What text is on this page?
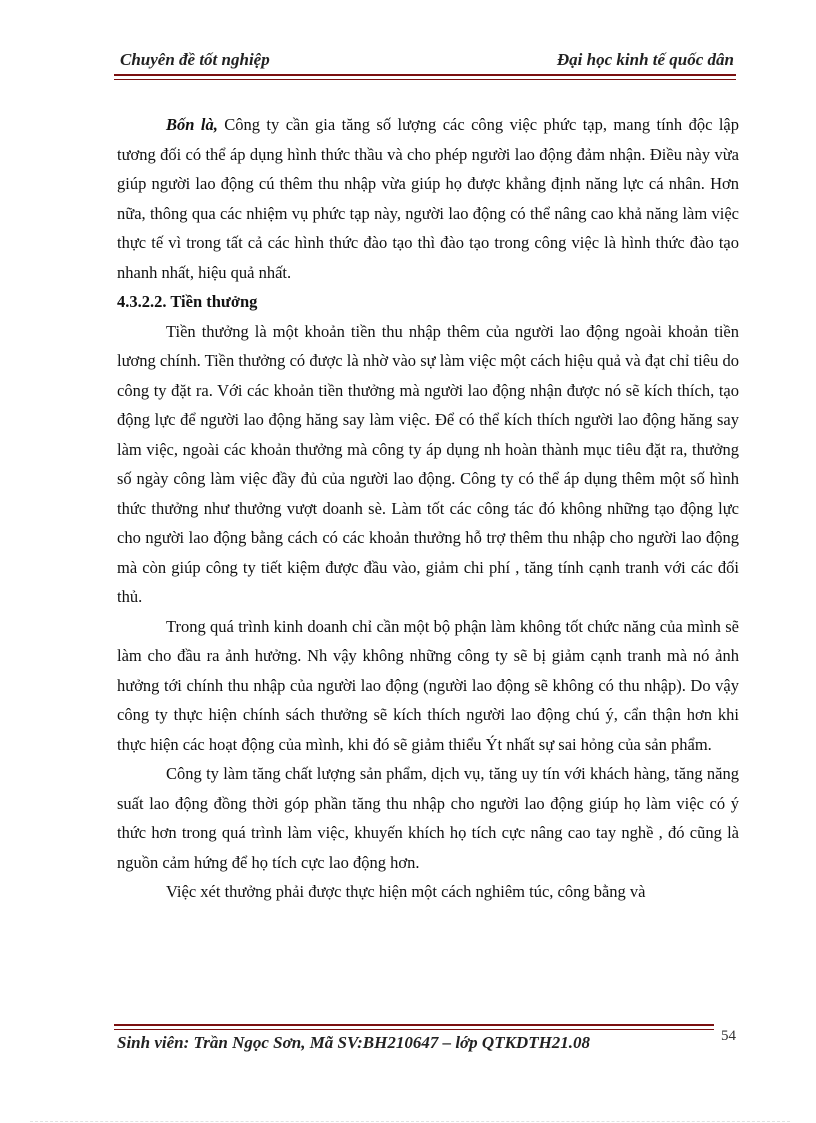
Chuyên đề tốt nghiệp	Đại học kinh tế quốc dân

Bốn là, Công ty cần gia tăng số lượng các công việc phức tạp, mang tính độc lập tương đối có thể áp dụng hình thức thầu và cho phép người lao động đảm nhận. Điều này vừa giúp người lao động cú thêm thu nhập vừa giúp họ được khẳng định năng lực cá nhân. Hơn nữa, thông qua các nhiệm vụ phức tạp này, người lao động có thể nâng cao khả năng làm việc thực tế vì trong tất cả các hình thức đào tạo thì đào tạo trong công việc là hình thức đào tạo nhanh nhất, hiệu quả nhất.

4.3.2.2. Tiền thưởng

Tiền thưởng là một khoản tiền thu nhập thêm của người lao động ngoài khoản tiền lương chính. Tiền thưởng có được là nhờ vào sự làm việc một cách hiệu quả và đạt chỉ tiêu do công ty đặt ra. Với các khoản tiền thưởng mà người lao động nhận được nó sẽ kích thích, tạo động lực để người lao động hăng say làm việc. Để có thể kích thích người lao động hăng say làm việc, ngoài các khoản thưởng mà công ty áp dụng nh hoàn thành mục tiêu đặt ra, thưởng số ngày công làm việc đầy đủ của người lao động. Công ty có thể áp dụng thêm một số hình thức thưởng như thưởng vượt doanh sè. Làm tốt các công tác đó không những tạo động lực cho người lao động bằng cách có các khoản thưởng hỗ trợ thêm thu nhập cho người lao động mà còn giúp công ty tiết kiệm được đầu vào, giảm chi phí , tăng tính cạnh tranh với các đối thủ.

Trong quá trình kinh doanh chỉ cần một bộ phận làm không tốt chức năng của mình sẽ làm cho đầu ra ảnh hưởng. Nh vậy không những công ty sẽ bị giảm cạnh tranh mà nó ảnh hưởng tới chính thu nhập của người lao động (người lao động sẽ không có thu nhập). Do vậy công ty thực hiện chính sách thưởng sẽ kích thích người lao động chú ý, cẩn thận hơn khi thực hiện các hoạt động của mình, khi đó sẽ giảm thiểu Ýt nhất sự sai hỏng của sản phẩm.

Công ty làm tăng chất lượng sản phẩm, dịch vụ, tăng uy tín với khách hàng, tăng năng suất lao động đồng thời góp phần tăng thu nhập cho người lao động giúp họ làm việc có ý thức hơn trong quá trình làm việc, khuyến khích họ tích cực nâng cao tay nghề , đó cũng là nguồn cảm hứng để họ tích cực lao động hơn.

Việc xét thưởng phải được thực hiện một cách nghiêm túc, công bằng và

54
Sinh viên: Trần Ngọc Sơn, Mã SV:BH210647 – lớp QTKDTH21.08
